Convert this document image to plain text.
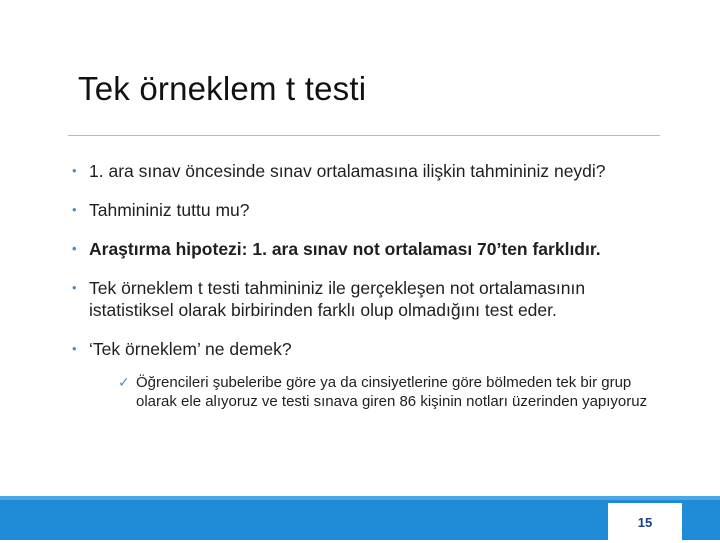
Tek örneklem t testi
• 1. ara sınav öncesinde sınav ortalamasına ilişkin tahmininiz neydi?
• Tahmininiz tuttu mu?
• Araştırma hipotezi: 1. ara sınav not ortalaması 70’ten farklıdır.
• Tek örneklem t testi tahmininiz ile gerçekleşen not ortalamasının istatistiksel olarak birbirinden farklı olup olmadığını test eder.
• ‘Tek örneklem’ ne demek?
✓ Öğrencileri şubeleribe göre ya da cinsiyetlerine göre bölmeden tek bir grup olarak ele alıyoruz ve testi sınava giren 86 kişinin notları üzerinden yapıyoruz
15
